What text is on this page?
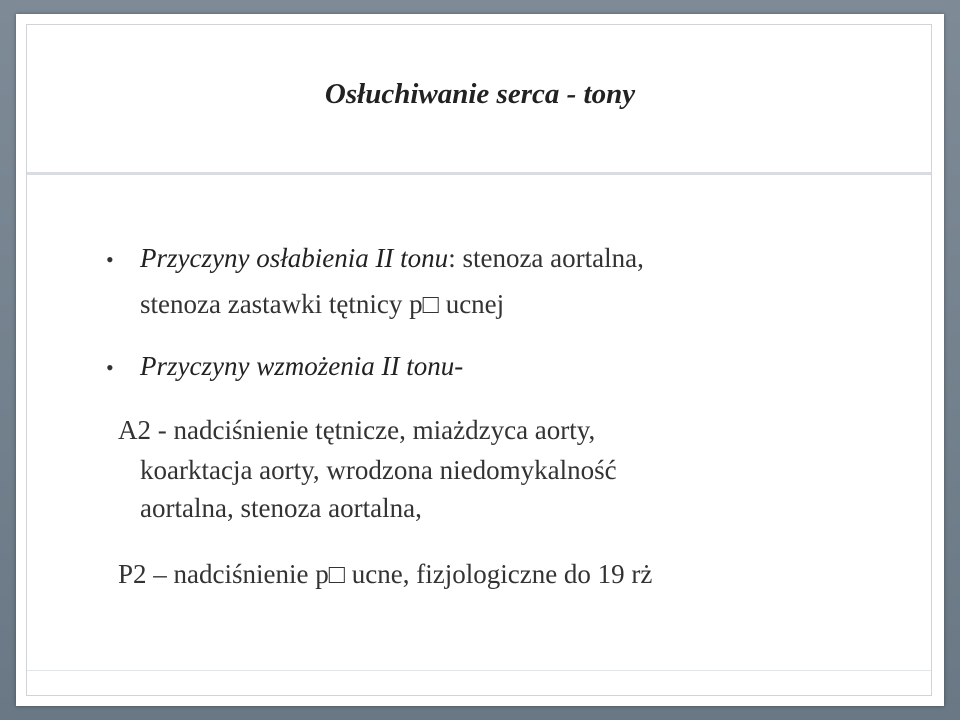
Osłuchiwanie serca - tony
• Przyczyny osłabienia II tonu: stenoza aortalna,
stenoza zastawki tętnicy p□ ucnej
• Przyczyny wzmożenia II tonu-
A2 - nadciśnienie tętnicze, miażdzyca aorty,
koarktacja aorty, wrodzona niedomykalność
aortalna, stenoza aortalna,
P2 – nadciśnienie p□ ucne, fizjologiczne do 19 rż
